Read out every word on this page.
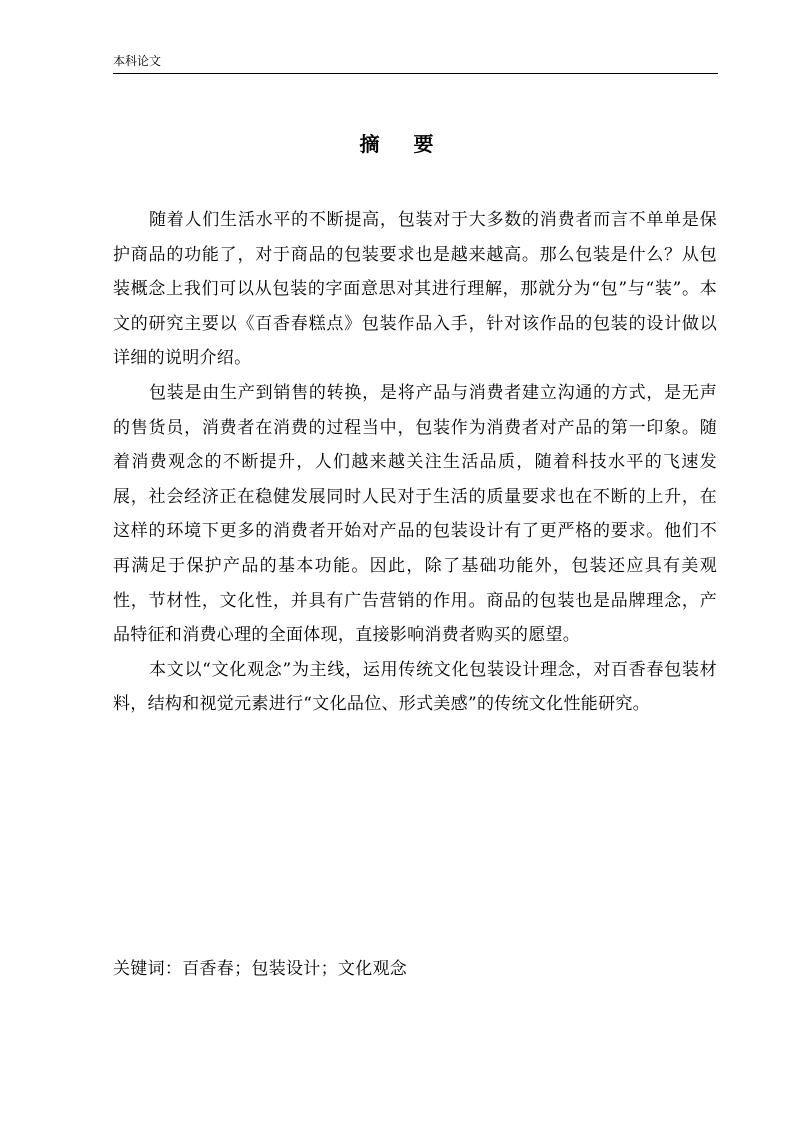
本科论文
摘要

随着人们生活水平的不断提高，包装对于大多数的消费者而言不单单是保护商品的功能了，对于商品的包装要求也是越来越高。那么包装是什么？从包装概念上我们可以从包装的字面意思对其进行理解，那就分为“包”与“装”。本文的研究主要以《百香春糕点》包装作品入手，针对该作品的包装的设计做以详细的说明介绍。

包装是由生产到销售的转换，是将产品与消费者建立沟通的方式，是无声的售货员，消费者在消费的过程当中，包装作为消费者对产品的第一印象。随着消费观念的不断提升，人们越来越关注生活品质，随着科技水平的飞速发展，社会经济正在稳健发展同时人民对于生活的质量要求也在不断的上升，在这样的环境下更多的消费者开始对产品的包装设计有了更严格的要求。他们不再满足于保护产品的基本功能。因此，除了基础功能外，包装还应具有美观性，节材性，文化性，并具有广告营销的作用。商品的包装也是品牌理念，产品特征和消费心理的全面体现，直接影响消费者购买的愿望。

本文以“文化观念”为主线，运用传统文化包装设计理念，对百香春包装材料，结构和视觉元素进行“文化品位、形式美感”的传统文化性能研究。

关键词：百香春；包装设计；文化观念
